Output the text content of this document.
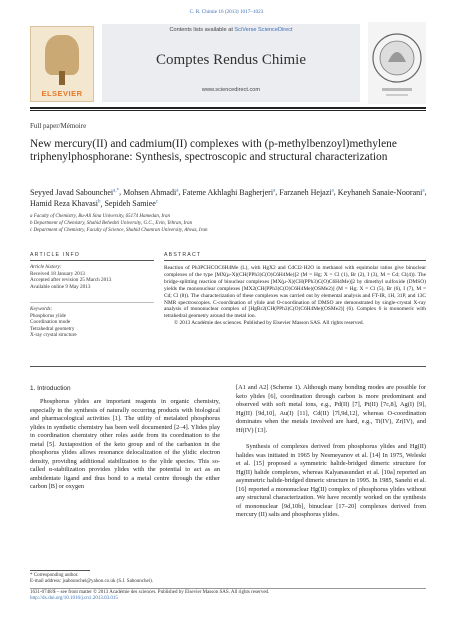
C. R. Chimie 16 (2013) 1017–1023
ELSEVIER
Contents lists available at SciVerse ScienceDirect
Comptes Rendus Chimie
www.sciencedirect.com
Full paper/Mémoire
New mercury(II) and cadmium(II) complexes with (p-methylbenzoyl)methylene triphenylphosphorane: Synthesis, spectroscopic and structural characterization
Seyyed Javad Sabounchei$^{a,*}$, Mohsen Ahmadi$^a$, Fateme Akhlaghi Bagherjeri$^a$, Farzaneh Hejazi$^a$, Keyhaneh Sanaie-Noorani$^a$, Hamid Reza Khavasi$^b$, Sepideh Samiee$^c$
a Faculty of Chemistry, Bu-Ali Sina University, 65174 Hamedan, Iran
b Department of Chemistry, Shahid Beheshti University, G.C., Evin, Tehran, Iran
c Department of Chemistry, Faculty of Science, Shahid Chamran University, Ahvaz, Iran
ARTICLE INFO	ABSTRACT
Article history:
Received 18 January 2013
Accepted after revision 25 March 2013
Available online 9 May 2013
Keywords:
Phosphorus ylide
Coordination mode
Tetrahedral geometry
X-ray crystal structure
Reaction of Ph3PCHCOC6H4Me (L), with HgX2 and CdCl2·H2O in methanol with equimolar ratios give binuclear complexes of the type [MX(μ-X)(CH(PPh3)C(O)C6H4Me)]2 (M = Hg; X = Cl (1), Br (2), I (3), M = Cd; Cl(4)). The bridge-splitting reaction of binuclear complexes [MX(μ-X)(CH(PPh3)C(O)C6H4Me)]2 by dimethyl sulfoxide (DMSO) yields the mononuclear complexes [MX2(CH(PPh3)C(O)C6H4Me)(OSMe2)] (M = Hg; X = Cl (5), Br (6), I (7), M = Cd; Cl (8)). The characterization of these complexes was carried out by elemental analysis and FT-IR, 1H, 31P, and 13C NMR spectroscopies. C-coordination of ylide and O-coordination of DMSO are demonstrated by single-crystal X-ray analysis of mononuclear complex of [HgBr2(CH(PPh3)C(O)C6H4Me)(OSMe2)] (6). Complex 6 is monomeric with tetrahedral geometry around the metal ion.
© 2013 Académie des sciences. Published by Elsevier Masson SAS. All rights reserved.
1. Introduction

Phosphorus ylides are important reagents in organic chemistry, especially in the synthesis of naturally occurring products with biological and pharmacological activities [1]. The utility of metalated phosphorus ylides in synthetic chemistry has been well documented [2–4]. Ylides play in coordination chemistry other roles aside from its coordination to the metal [5]. Juxtaposition of the keto group and of the carbanion in the phosphorus ylides allows resonance delocalization of the ylidic electron density, providing additional stabilization to the ylide species. This so-called α-stabilization provides ylides with the potential to act as an ambidentate ligand and thus bond to a metal centre through the either carbon [B] or oxygen

[A1 and A2] (Scheme 1). Although many bonding modes are possible for keto ylides [6], coordination through carbon is more predominant and observed with soft metal ions, e.g., Pd(II) [7], Pt(II) [7c,8], Ag(I) [9], Hg(II) [9d,10], Au(I) [11], Cd(II) [7l,9d,12], whereas O-coordination dominates when the metals involved are hard, e.g., Ti(IV), Zr(IV), and Hf(IV) [13].

Synthesis of complexes derived from phosphorus ylides and Hg(II) halides was initiated in 1965 by Nesmeyanov et al. [14] In 1975, Weleski et al. [15] proposed a symmetric halide-bridged dimeric structure for Hg(II) halide complexes, whereas Kalyanasundari et al. [10a] reported an asymmetric halide-bridged dimeric structure in 1995. In 1985, Sanehi et al. [16] reported a mononuclear Hg(II) complex of phosphorus ylides without any structural characterization. We have recently worked on the synthesis of mononuclear [9d,10b], binuclear [17–20] complexes derived from mercury (II) salts and phosphorus ylides.

* Corresponding author.
E-mail address: jsabounchei@yahoo.co.uk (S.J. Sabounchei).
1631-0748/$ – see front matter © 2013 Académie des sciences. Published by Elsevier Masson SAS. All rights reserved.
http://dx.doi.org/10.1016/j.crci.2013.03.015
